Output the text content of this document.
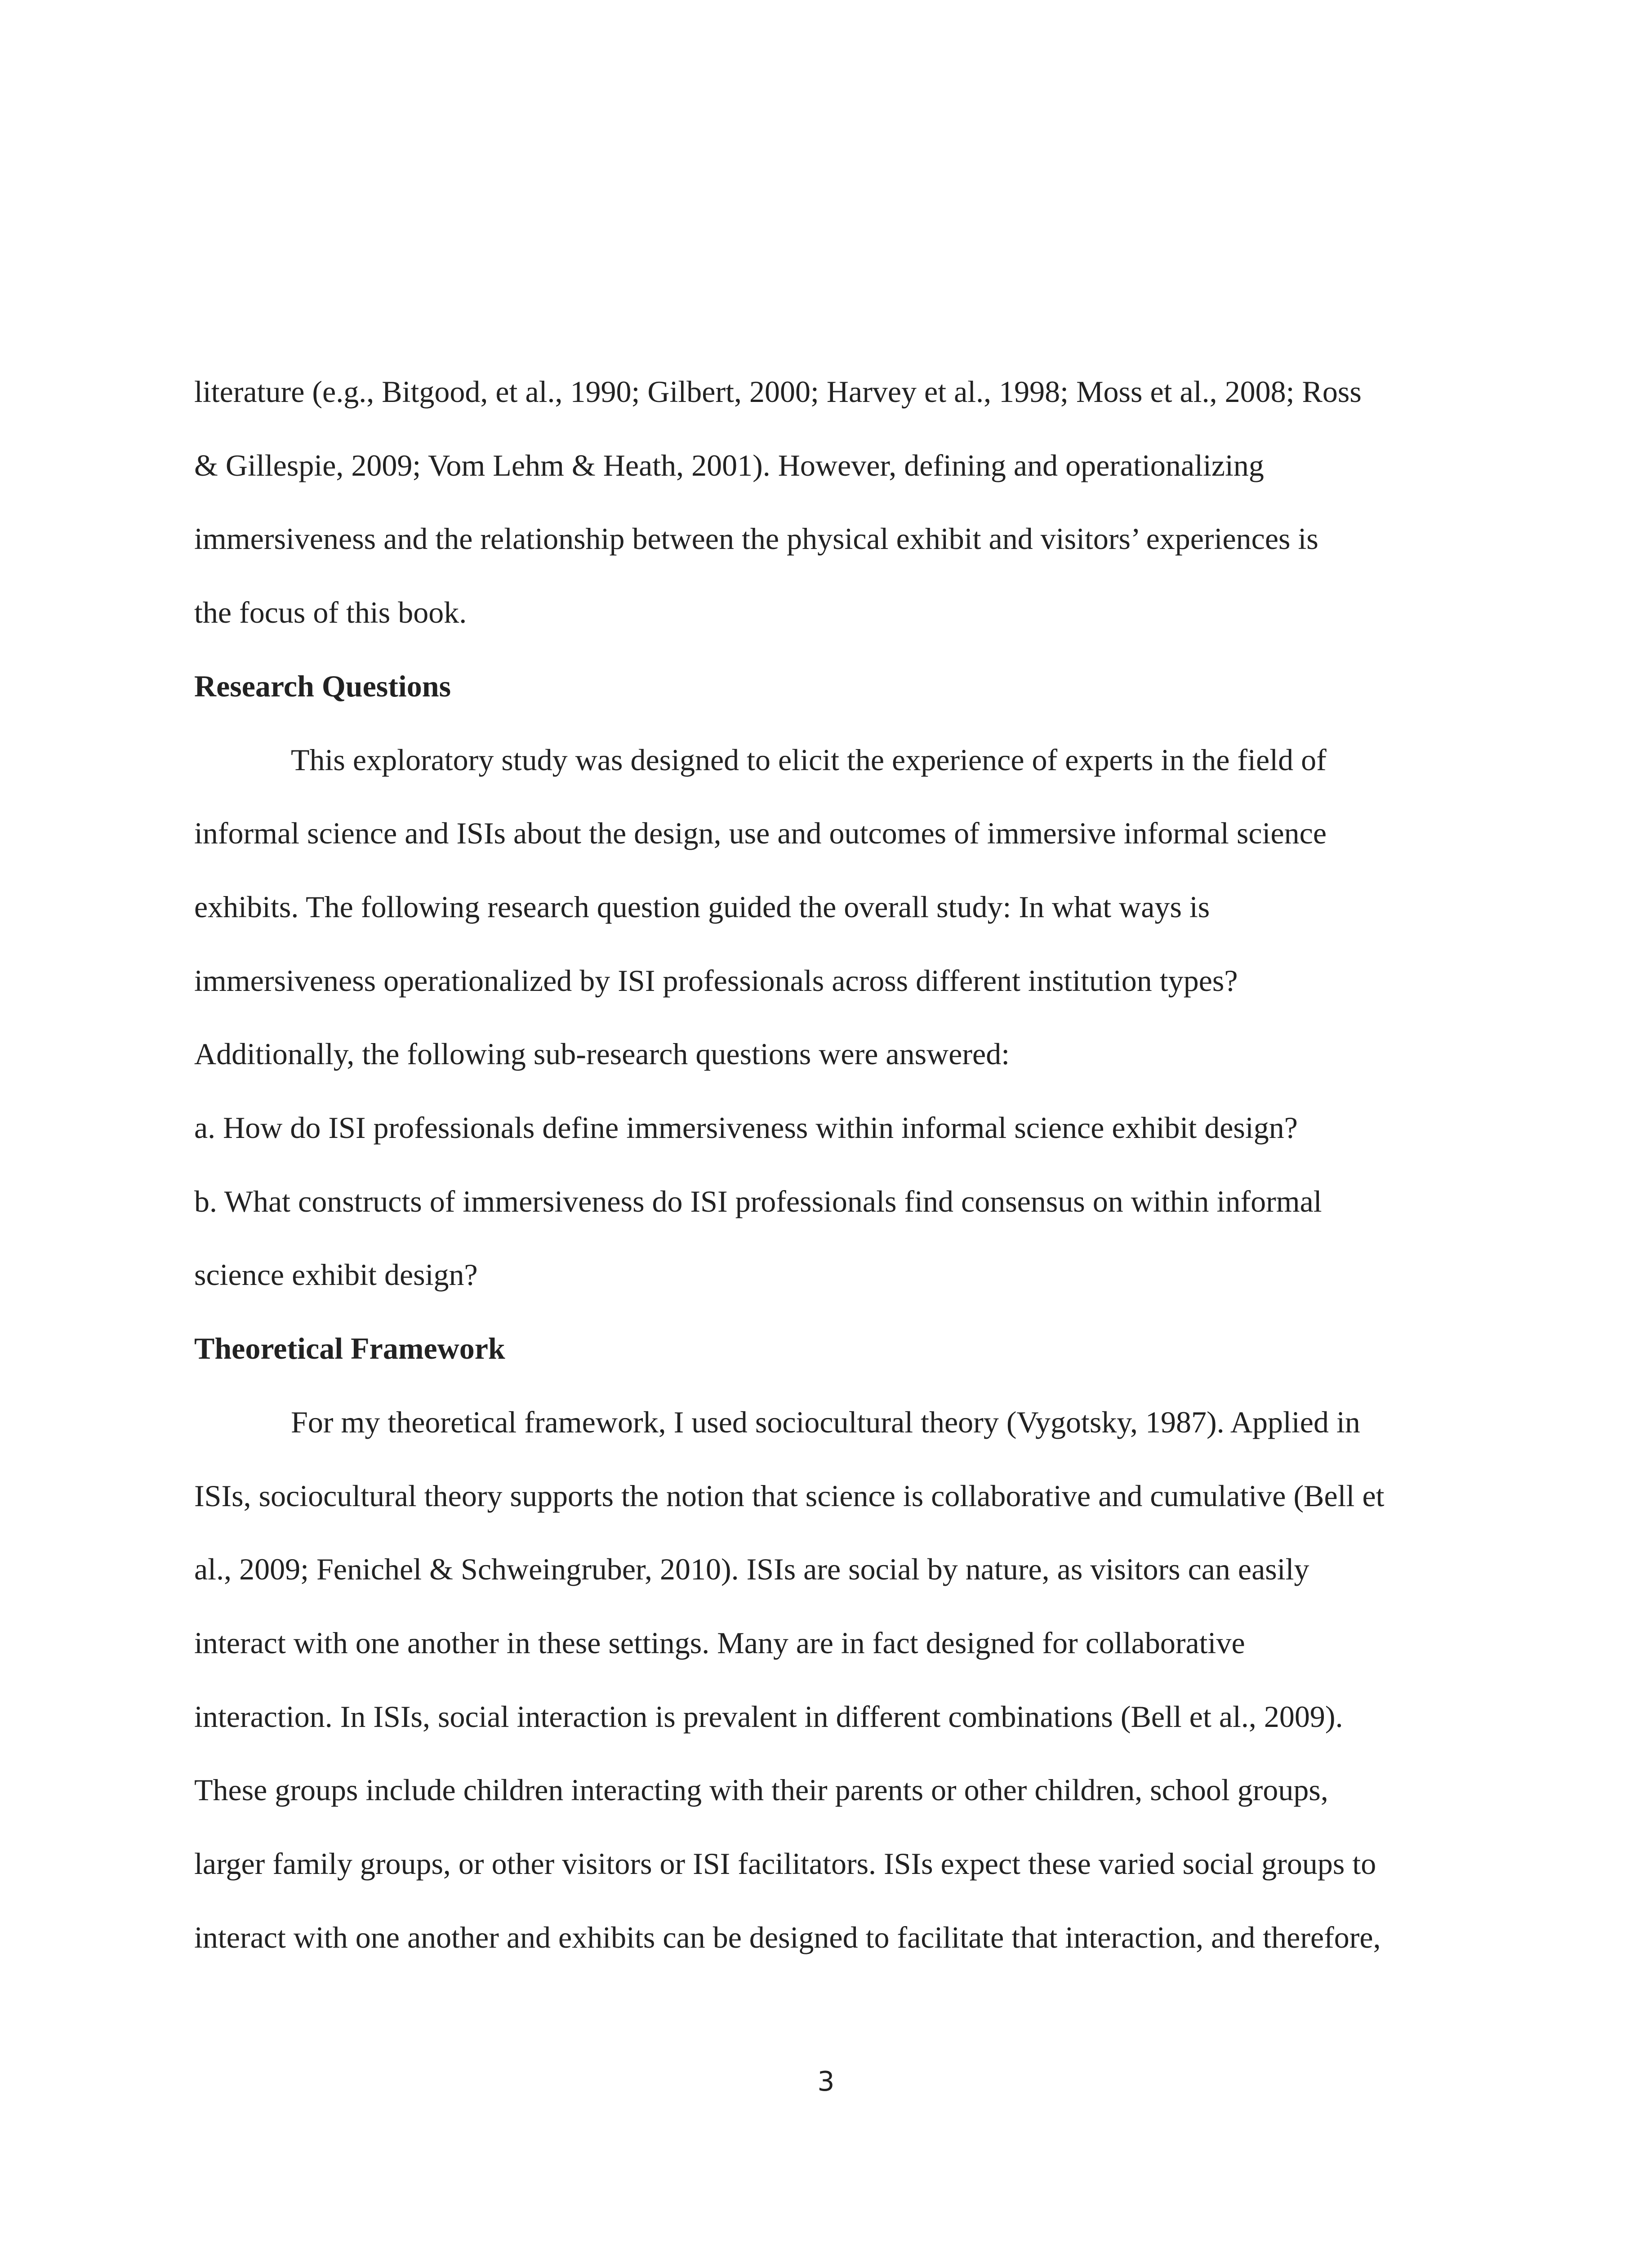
literature (e.g., Bitgood, et al., 1990; Gilbert, 2000; Harvey et al., 1998; Moss et al., 2008; Ross
& Gillespie, 2009; Vom Lehm & Heath, 2001). However, defining and operationalizing
immersiveness and the relationship between the physical exhibit and visitors’ experiences is
the focus of this book.
Research Questions
This exploratory study was designed to elicit the experience of experts in the field of
informal science and ISIs about the design, use and outcomes of immersive informal science
exhibits. The following research question guided the overall study: In what ways is
immersiveness operationalized by ISI professionals across different institution types?
Additionally, the following sub-research questions were answered:
a. How do ISI professionals define immersiveness within informal science exhibit design?
b. What constructs of immersiveness do ISI professionals find consensus on within informal
science exhibit design?
Theoretical Framework
For my theoretical framework, I used sociocultural theory (Vygotsky, 1987). Applied in
ISIs, sociocultural theory supports the notion that science is collaborative and cumulative (Bell et
al., 2009; Fenichel & Schweingruber, 2010). ISIs are social by nature, as visitors can easily
interact with one another in these settings. Many are in fact designed for collaborative
interaction. In ISIs, social interaction is prevalent in different combinations (Bell et al., 2009).
These groups include children interacting with their parents or other children, school groups,
larger family groups, or other visitors or ISI facilitators. ISIs expect these varied social groups to
interact with one another and exhibits can be designed to facilitate that interaction, and therefore,
3
